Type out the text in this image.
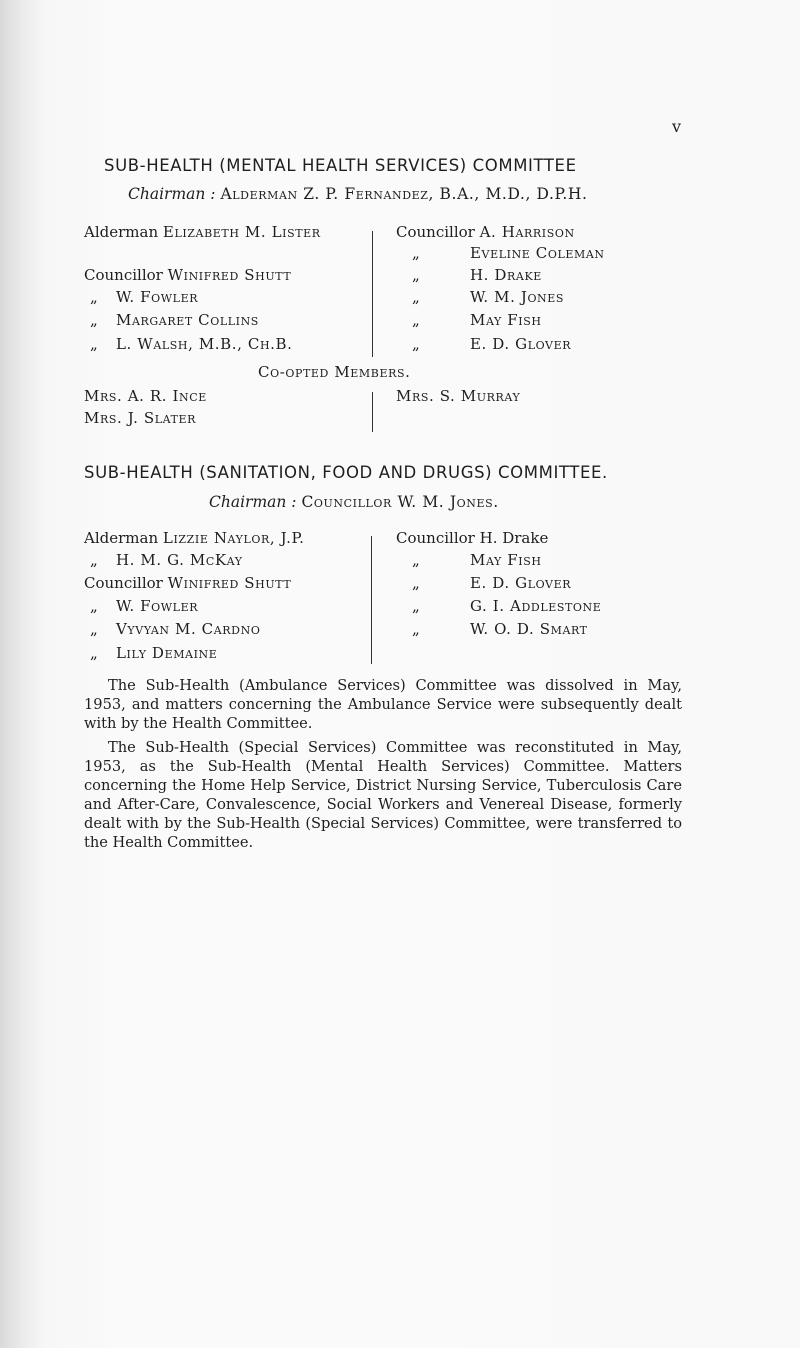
v
SUB-HEALTH (MENTAL HEALTH SERVICES) COMMITTEE
Chairman : Alderman Z. P. Fernandez, B.A., M.D., D.P.H.
Alderman Elizabeth M. Lister
Councillor Winifred Shutt
„ W. Fowler
„ Margaret Collins
„ L. Walsh, M.B., Ch.B.
Councillor A. Harrison
„	Eveline Coleman
„	H. Drake
„	W. M. Jones
„	May Fish
„	E. D. Glover
Co-opted Members.
Mrs. A. R. Ince
Mrs. J. Slater
Mrs. S. Murray
SUB-HEALTH (SANITATION, FOOD AND DRUGS) COMMITTEE.
Chairman : Councillor W. M. Jones.
Alderman Lizzie Naylor, J.P.
„ H. M. G. McKay
Councillor Winifred Shutt
„ W. Fowler
„ Vyvyan M. Cardno
„ Lily Demaine
Councillor H. Drake
„	May Fish
„	E. D. Glover
„	G. I. Addlestone
„	W. O. D. Smart

The Sub-Health (Ambulance Services) Committee was dissolved in May, 1953, and matters concerning the Ambulance Service were subsequently dealt with by the Health Committee.

The Sub-Health (Special Services) Committee was reconstituted in May, 1953, as the Sub-Health (Mental Health Services) Committee. Matters concerning the Home Help Service, District Nursing Service, Tuberculosis Care and After-Care, Convalescence, Social Workers and Venereal Disease, formerly dealt with by the Sub-Health (Special Services) Committee, were transferred to the Health Committee.
